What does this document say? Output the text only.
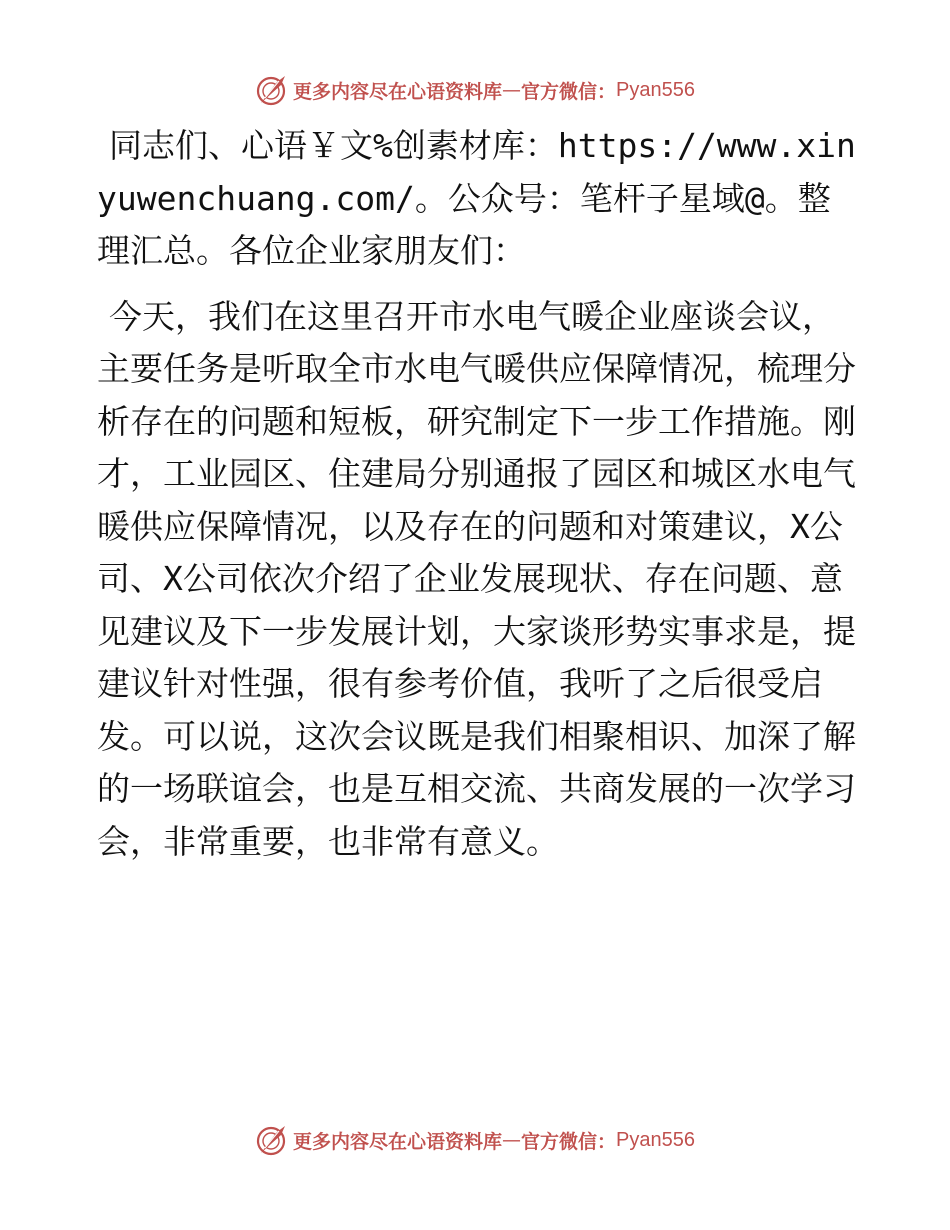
更多内容尽在心语资料库 — 官方微信： Pyan556

同志们、心语￥文%创素材库：https://www.xinyuwenchuang.com/。公众号：笔杆子星域@。整理汇总。各位企业家朋友们：

今天，我们在这里召开市水电气暖企业座谈会议，主要任务是听取全市水电气暖供应保障情况，梳理分析存在的问题和短板，研究制定下一步工作措施。刚才，工业园区、住建局分别通报了园区和城区水电气暖供应保障情况，以及存在的问题和对策建议，X公司、X公司依次介绍了企业发展现状、存在问题、意见建议及下一步发展计划，大家谈形势实事求是，提建议针对性强，很有参考价值，我听了之后很受启发。可以说，这次会议既是我们相聚相识、加深了解的一场联谊会，也是互相交流、共商发展的一次学习会，非常重要，也非常有意义。

更多内容尽在心语资料库 — 官方微信： Pyan556
